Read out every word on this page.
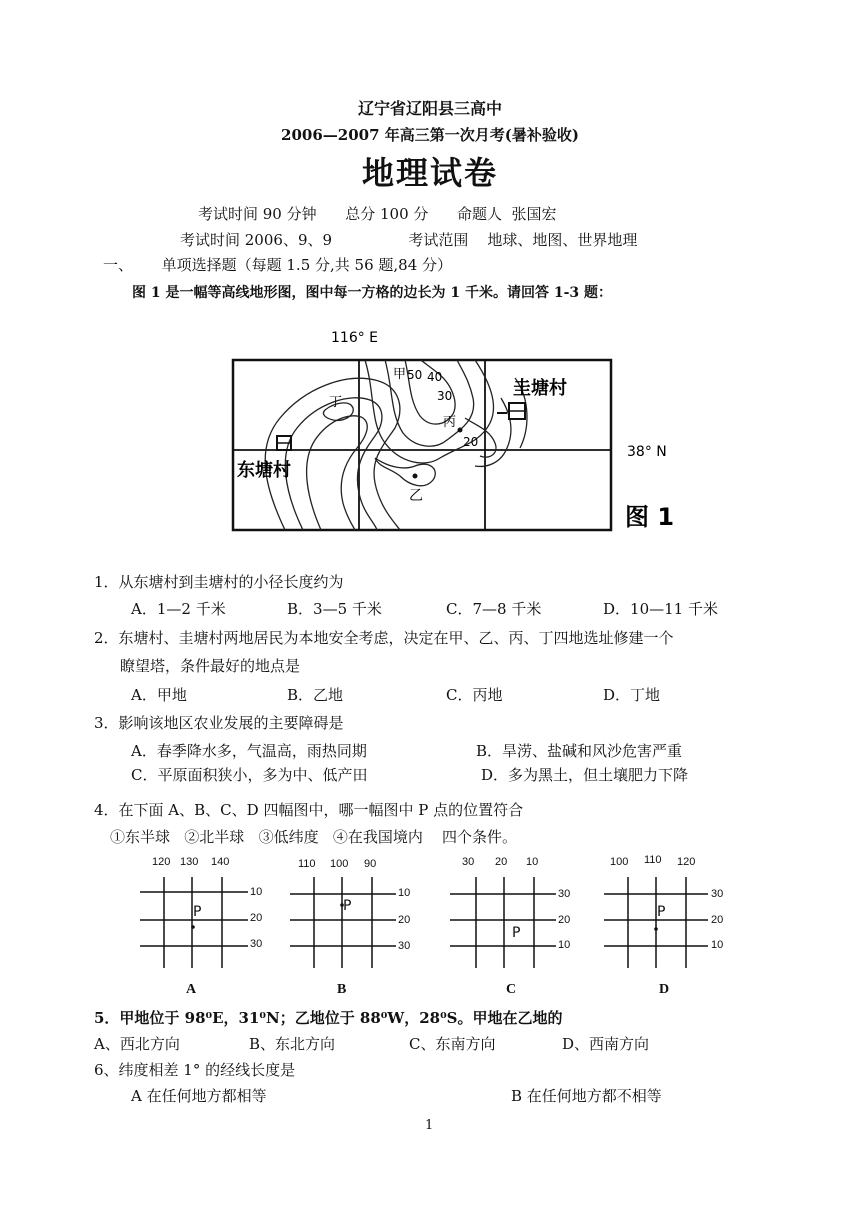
辽宁省辽阳县三高中
2006—2007 年高三第一次月考(暑补验收)
地理试卷
考试时间 90 分钟      总分 100 分      命题人  张国宏
考试时间 2006、9、9                考试范围    地球、地图、世界地理
一、      单项选择题（每题 1.5 分,共 56 题,84 分）
图 1 是一幅等高线地形图，图中每一方格的边长为 1 千米。请回答 1-3 题：
116° E
甲 50 40
30
丙
20
丁
乙
圭塘村
东塘村
38° N
图 1
1．从东塘村到圭塘村的小径长度约为
A．1—2 千米	B．3—5 千米	C．7—8 千米	D．10—11 千米
2．东塘村、圭塘村两地居民为本地安全考虑，决定在甲、乙、丙、丁四地选址修建一个
瞭望塔，条件最好的地点是
A．甲地	B．乙地	C．丙地	D．丁地
3．影响该地区农业发展的主要障碍是
A．春季降水多，气温高，雨热同期	B．旱涝、盐碱和风沙危害严重
C．平原面积狭小，多为中、低产田	D．多为黑土，但土壤肥力下降
4．在下面 A、B、C、D 四幅图中，哪一幅图中 P 点的位置符合
①东半球   ②北半球   ③低纬度   ④在我国境内    四个条件。
120 130 140
P
10
20
30
A
110 100 90
P
10
20
30
B
30 20 10
P
30
20
10
C
100 110 120
P
30
20
10
D
5．甲地位于 98⁰E，31⁰N；乙地位于 88⁰W，28⁰S。甲地在乙地的
A、西北方向	B、东北方向	C、东南方向	D、西南方向
6、纬度相差 1° 的经线长度是
A 在任何地方都相等	B 在任何地方都不相等
1
